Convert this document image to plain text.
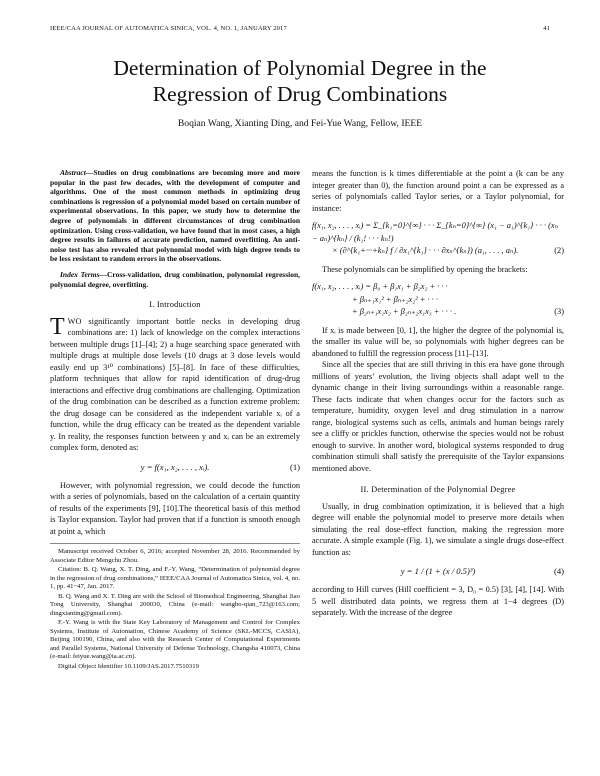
IEEE/CAA JOURNAL OF AUTOMATICA SINICA, VOL. 4, NO. 1, JANUARY 2017	41
Determination of Polynomial Degree in the
Regression of Drug Combinations
Boqian Wang, Xianting Ding, and Fei-Yue Wang, Fellow, IEEE

Abstract—Studies on drug combinations are becoming more and more popular in the past few decades, with the development of computer and algorithms. One of the most common methods in optimizing drug combinations is regression of a polynomial model based on certain number of experimental observations. In this paper, we study how to determine the degree of polynomials in different circumstances of drug combination optimization. Using cross-validation, we have found that in most cases, a high degree results in failures of accurate prediction, named overfitting. An anti-noise test has also revealed that polynomial model with high degree tends to be less resistant to random errors in the observations.

Index Terms—Cross-validation, drug combination, polynomial regression, polynomial degree, overfitting.

I. Introduction

TWO significantly important bottle necks in developing drug combinations are: 1) lack of knowledge on the complex interactions between multiple drugs [1]–[4]; 2) a huge searching space generated with multiple drugs at multiple dose levels (10 drugs at 3 dose levels would easily end up 3¹⁰ combinations) [5]–[8]. In face of these difficulties, platform techniques that allow for rapid identification of drug-drug interactions and effective drug combinations are challenging. Optimization of the drug combination can be described as a function extreme problem: the drug dosage can be considered as the independent variable xᵢ of a function, while the drug efficacy can be treated as the dependent variable y. In reality, the responses function between y and xᵢ can be an extremely complex form, denoted as:

y = f(x₁, x₂, . . . , xᵢ).	(1)

However, with polynomial regression, we could decode the function with a series of polynomials, based on the calculation of a certain quantity of results of the experiments [9], [10].The theoretical basis of this method is Taylor expansion. Taylor had proven that if a function is smooth enough at point a, which

Manuscript received October 6, 2016; accepted November 28, 2016. Recommended by Associate Editor Mengchu Zhou.

Citation: B. Q. Wang, X. T. Ding, and F.-Y. Wang, “Determination of polynomial degree in the regression of drug combinations,” IEEE/CAA Journal of Automatica Sinica, vol. 4, no. 1, pp. 41−47, Jan. 2017.

B. Q. Wang and X. T. Ding are with the School of Biomedical Engineering, Shanghai Jiao Tong University, Shanghai 200030, China (e-mail: wangbo-qian_723@163.com; dingxianting@gmail.com).

F.-Y. Wang is with the State Key Laboratory of Management and Control for Complex Systems, Institute of Automation, Chinese Academy of Science (SKL-MCCS, CASIA), Beijing 100190, China, and also with the Research Center of Computational Experiments and Parallel Systems, National University of Defense Technology, Changsha 410073, China (e-mail: feiyue.wang@ia.ac.cn).

Digital Object Identifier 10.1109/JAS.2017.7510319

means the function is k times differentiable at the point a (k can be any integer greater than 0), the function around point a can be expressed as a series of polynomials called Taylor series, or a Taylor polynomial, for instance:

f(x₁, x₂, . . . , xᵢ) = Σ_{k₁=0}^{∞} · · · Σ_{kₙ=0}^{∞} (x₁ − a₁)^{k₁} · · · (xₙ − aₙ)^{kₙ} / (k₁! · · · kₙ!)
× (∂^{k₁+···+kₙ} f / ∂x₁^{k₁} · · · ∂xₙ^{kₙ}) (a₁, . . . , aₙ).	(2)

These polynomials can be simplified by opening the brackets:

f(x₁, x₂, . . . , xᵢ) = β₀ + β₁x₁ + β₂x₂ + · · ·
+ βₙ₊₁x₁² + βₙ₊₂x₂² + · · ·
+ β₂ₙ₊₁x₁x₂ + β₂ₙ₊₂x₁x₃ + · · · .	(3)

If xᵢ is made between [0, 1], the higher the degree of the polynomial is, the smaller its value will be, so polynomials with higher degrees can be abandoned to fulfill the regression process [11]–[13].

Since all the species that are still thriving in this era have gone through millions of years’ evolution, the living objects shall adapt well to the dynamic change in their living surroundings within a reasonable range. These facts indicate that when changes occur for the factors such as temperature, humidity, oxygen level and drug stimulation in a narrow range, biological systems such as cells, animals and human beings rarely see a cliffy or prickles function, otherwise the species would not be robust enough to survive. In another word, biological systems responded to drug combination stimuli shall satisfy the prerequisite of the Taylor expansions mentioned above.

II. Determination of the Polynomial Degree

Usually, in drug combination optimization, it is believed that a high degree will enable the polynomial model to preserve more details when simulating the real dose-effect function, making the regression more accurate. A simple example (Fig. 1), we simulate a single drugs dose-effect function as:

y = 1 / (1 + (x / 0.5)³)	(4)

according to Hill curves (Hill coefficient = 3, D₀ = 0.5) [3], [4], [14]. With 5 well distributed data points, we regress them at 1−4 degrees (D) separately. With the increase of the degree
